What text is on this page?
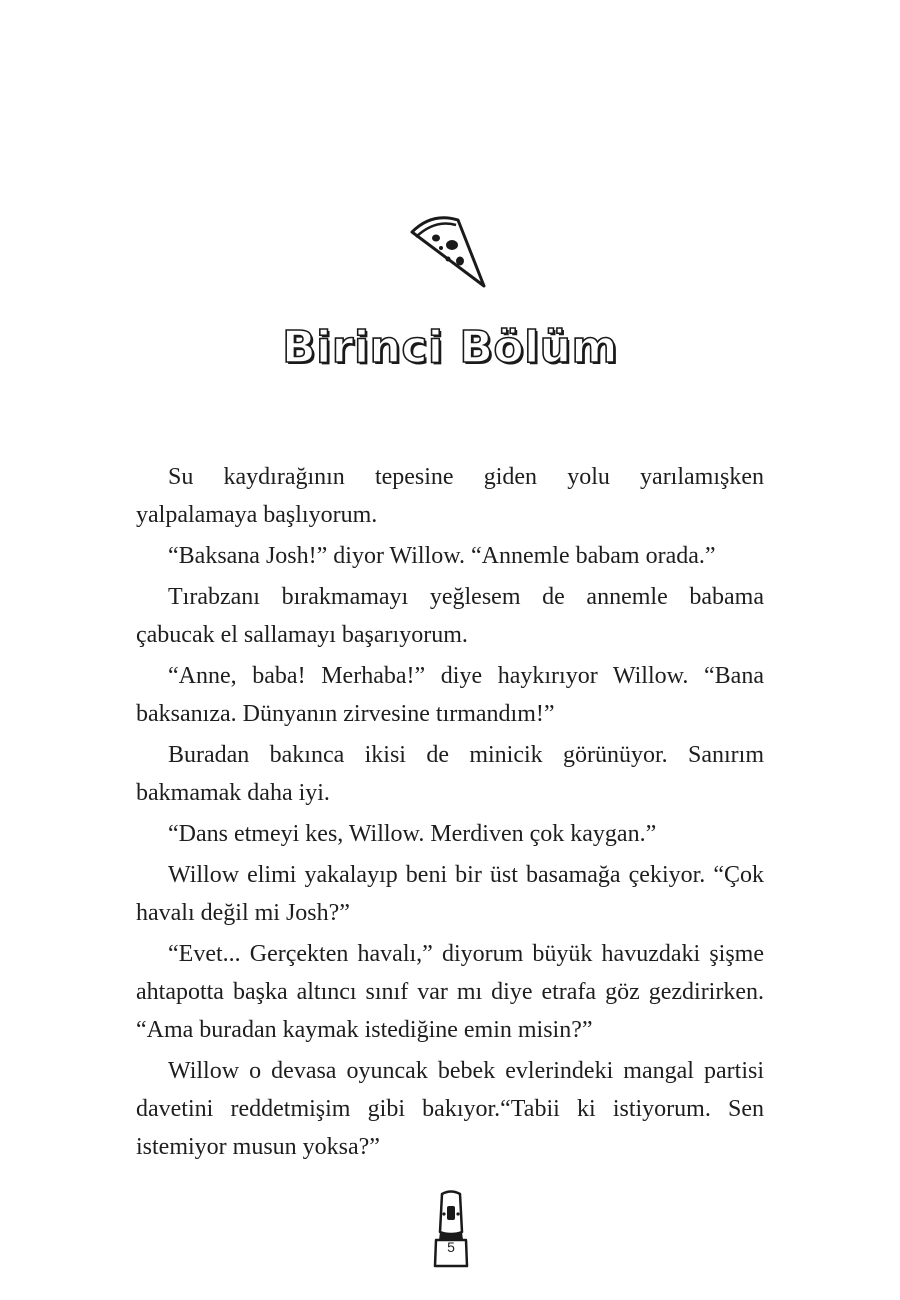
Birinci Bölüm

Su kaydırağının tepesine giden yolu yarılamışken yalpalamaya başlıyorum.

“Baksana Josh!” diyor Willow. “Annemle babam orada.”

Tırabzanı bırakmamayı yeğlesem de annemle babama çabucak el sallamayı başarıyorum.

“Anne, baba! Merhaba!” diye haykırıyor Willow. “Bana baksanıza. Dünyanın zirvesine tırmandım!”

Buradan bakınca ikisi de minicik görünüyor. Sanırım bakmamak daha iyi.

“Dans etmeyi kes, Willow. Merdiven çok kaygan.”

Willow elimi yakalayıp beni bir üst basamağa çekiyor. “Çok havalı değil mi Josh?”

“Evet... Gerçekten havalı,” diyorum büyük havuzdaki şişme ahtapotta başka altıncı sınıf var mı diye etrafa göz gezdirirken. “Ama buradan kaymak istediğine emin misin?”

Willow o devasa oyuncak bebek evlerindeki mangal partisi davetini reddetmişim gibi bakıyor.“Tabii ki istiyorum. Sen istemiyor musun yoksa?”

5
